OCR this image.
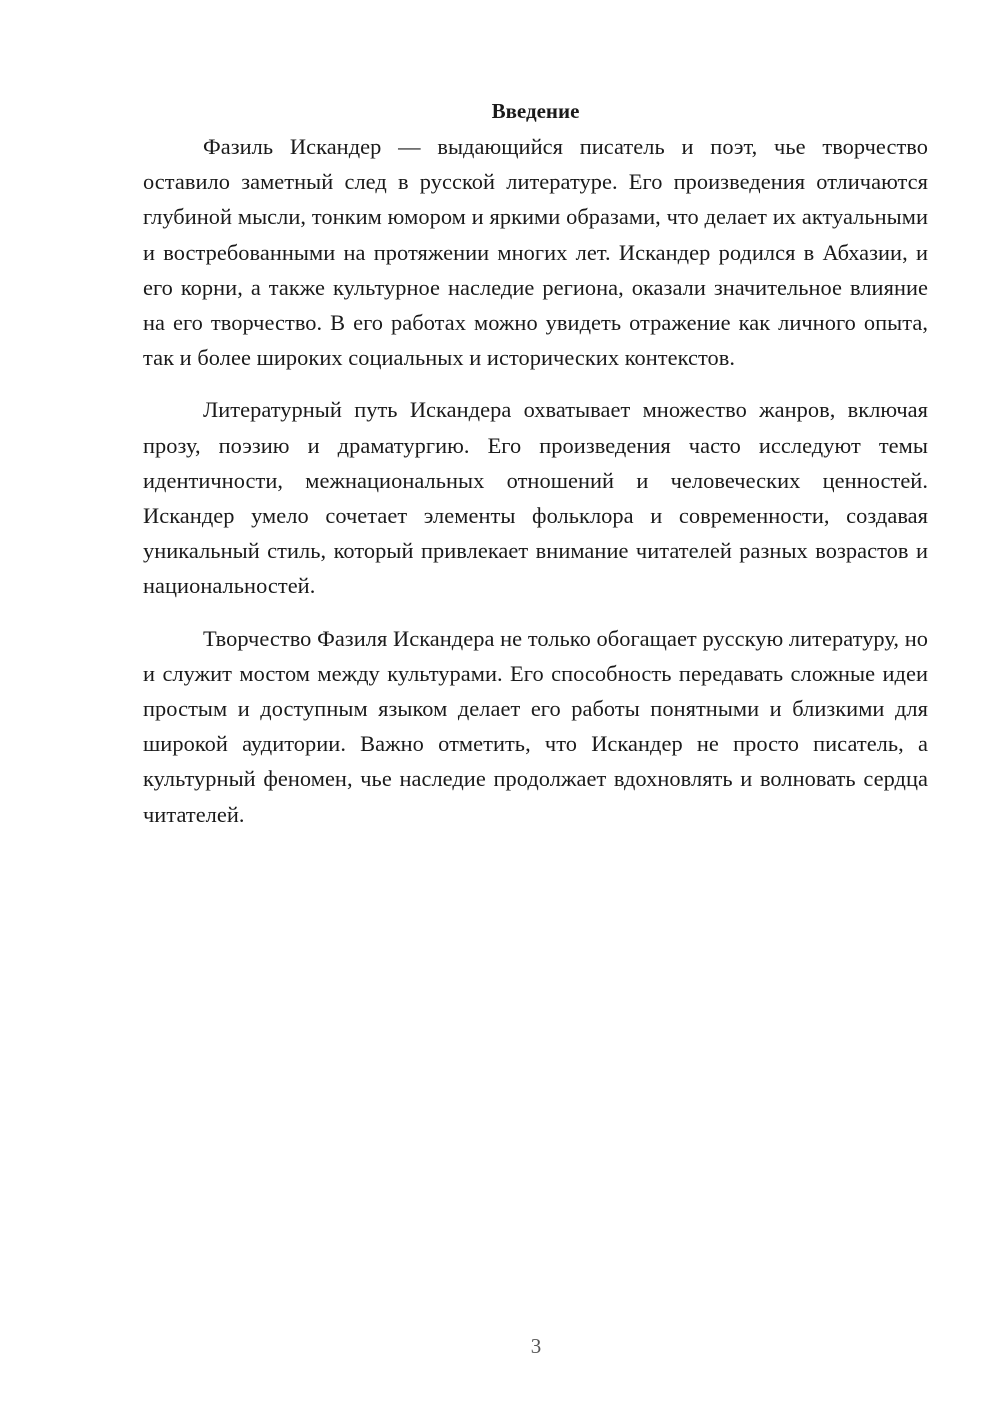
Введение

Фазиль Искандер — выдающийся писатель и поэт, чье творчество оставило заметный след в русской литературе. Его произведения отличаются глубиной мысли, тонким юмором и яркими образами, что делает их актуальными и востребованными на протяжении многих лет. Искандер родился в Абхазии, и его корни, а также культурное наследие региона, оказали значительное влияние на его творчество. В его работах можно увидеть отражение как личного опыта, так и более широких социальных и исторических контекстов.

Литературный путь Искандера охватывает множество жанров, включая прозу, поэзию и драматургию. Его произведения часто исследуют темы идентичности, межнациональных отношений и человеческих ценностей. Искандер умело сочетает элементы фольклора и современности, создавая уникальный стиль, который привлекает внимание читателей разных возрастов и национальностей.

Творчество Фазиля Искандера не только обогащает русскую литературу, но и служит мостом между культурами. Его способность передавать сложные идеи простым и доступным языком делает его работы понятными и близкими для широкой аудитории. Важно отметить, что Искандер не просто писатель, а культурный феномен, чье наследие продолжает вдохновлять и волновать сердца читателей.

3
